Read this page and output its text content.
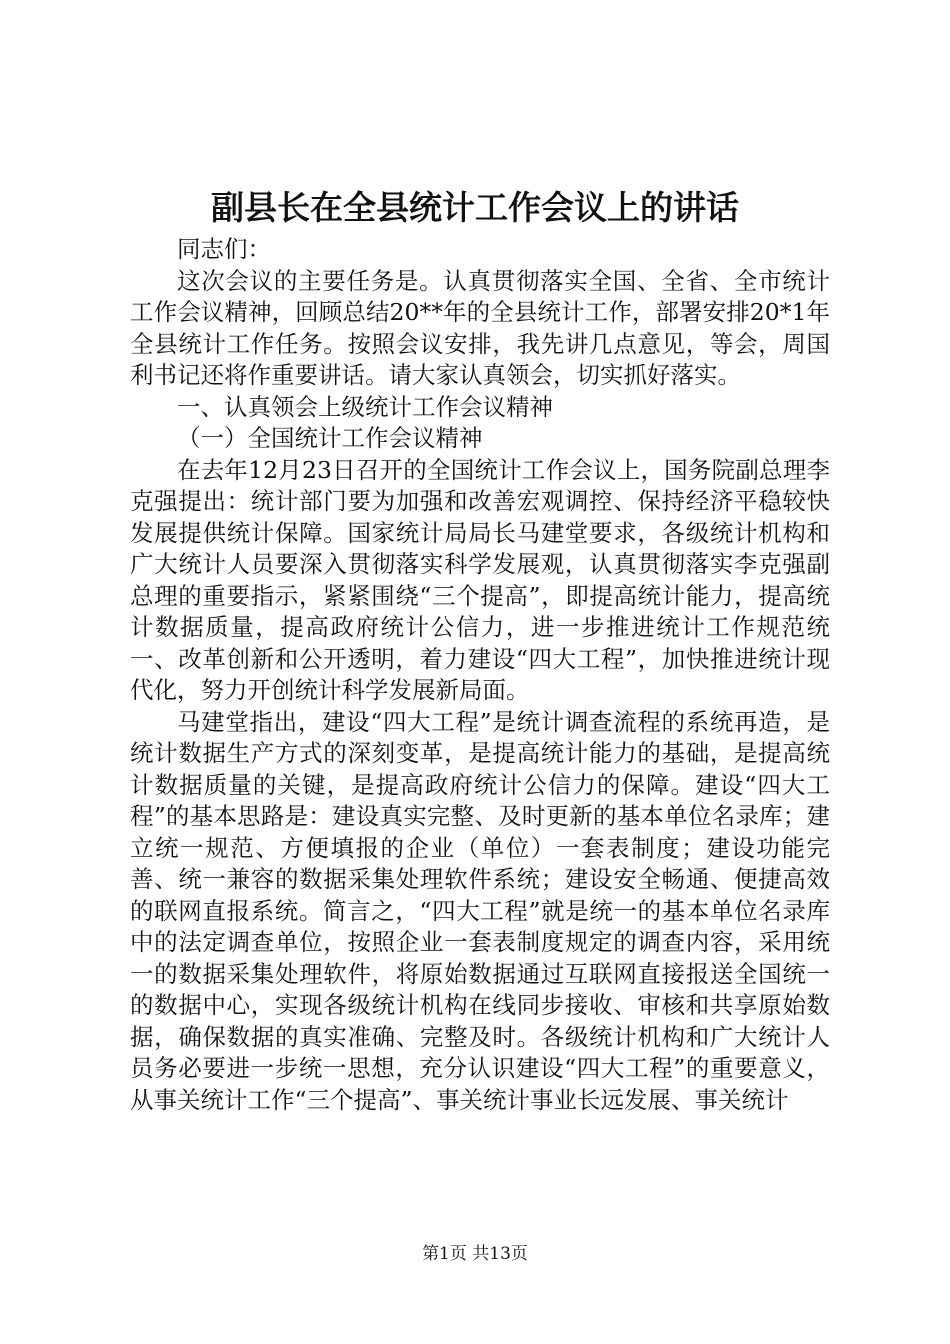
副县长在全县统计工作会议上的讲话

同志们：

这次会议的主要任务是。认真贯彻落实全国、全省、全市统计工作会议精神，回顾总结20**年的全县统计工作，部署安排20*1年全县统计工作任务。按照会议安排，我先讲几点意见，等会，周国利书记还将作重要讲话。请大家认真领会，切实抓好落实。

一、认真领会上级统计工作会议精神

（一）全国统计工作会议精神

在去年12月23日召开的全国统计工作会议上，国务院副总理李克强提出：统计部门要为加强和改善宏观调控、保持经济平稳较快发展提供统计保障。国家统计局局长马建堂要求，各级统计机构和广大统计人员要深入贯彻落实科学发展观，认真贯彻落实李克强副总理的重要指示，紧紧围绕“三个提高”，即提高统计能力，提高统计数据质量，提高政府统计公信力，进一步推进统计工作规范统一、改革创新和公开透明，着力建设“四大工程”，加快推进统计现代化，努力开创统计科学发展新局面。

马建堂指出，建设“四大工程”是统计调查流程的系统再造，是统计数据生产方式的深刻变革，是提高统计能力的基础，是提高统计数据质量的关键，是提高政府统计公信力的保障。建设“四大工程”的基本思路是：建设真实完整、及时更新的基本单位名录库；建立统一规范、方便填报的企业（单位）一套表制度；建设功能完善、统一兼容的数据采集处理软件系统；建设安全畅通、便捷高效的联网直报系统。简言之，“四大工程”就是统一的基本单位名录库中的法定调查单位，按照企业一套表制度规定的调查内容，采用统一的数据采集处理软件，将原始数据通过互联网直接报送全国统一的数据中心，实现各级统计机构在线同步接收、审核和共享原始数据，确保数据的真实准确、完整及时。各级统计机构和广大统计人员务必要进一步统一思想，充分认识建设“四大工程”的重要意义，从事关统计工作“三个提高”、事关统计事业长远发展、事关统计

第1页 共13页
